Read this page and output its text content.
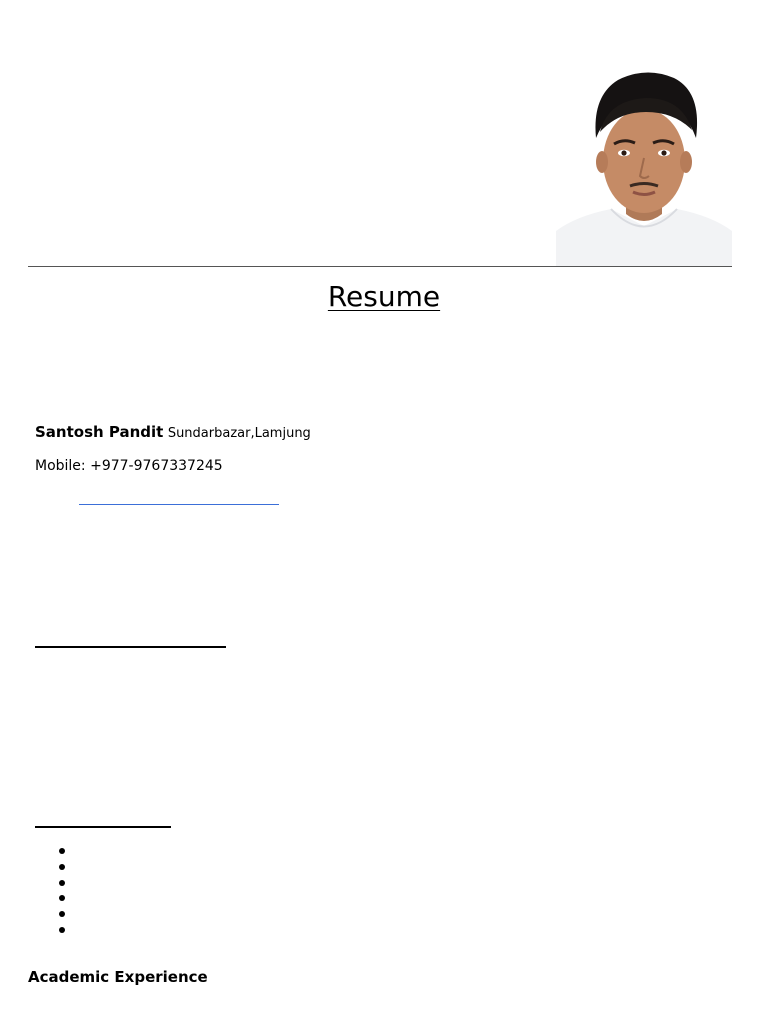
Resume
Santosh Pandit Sundarbazar,Lamjung
Mobile: +977-9767337245
Academic Experience
